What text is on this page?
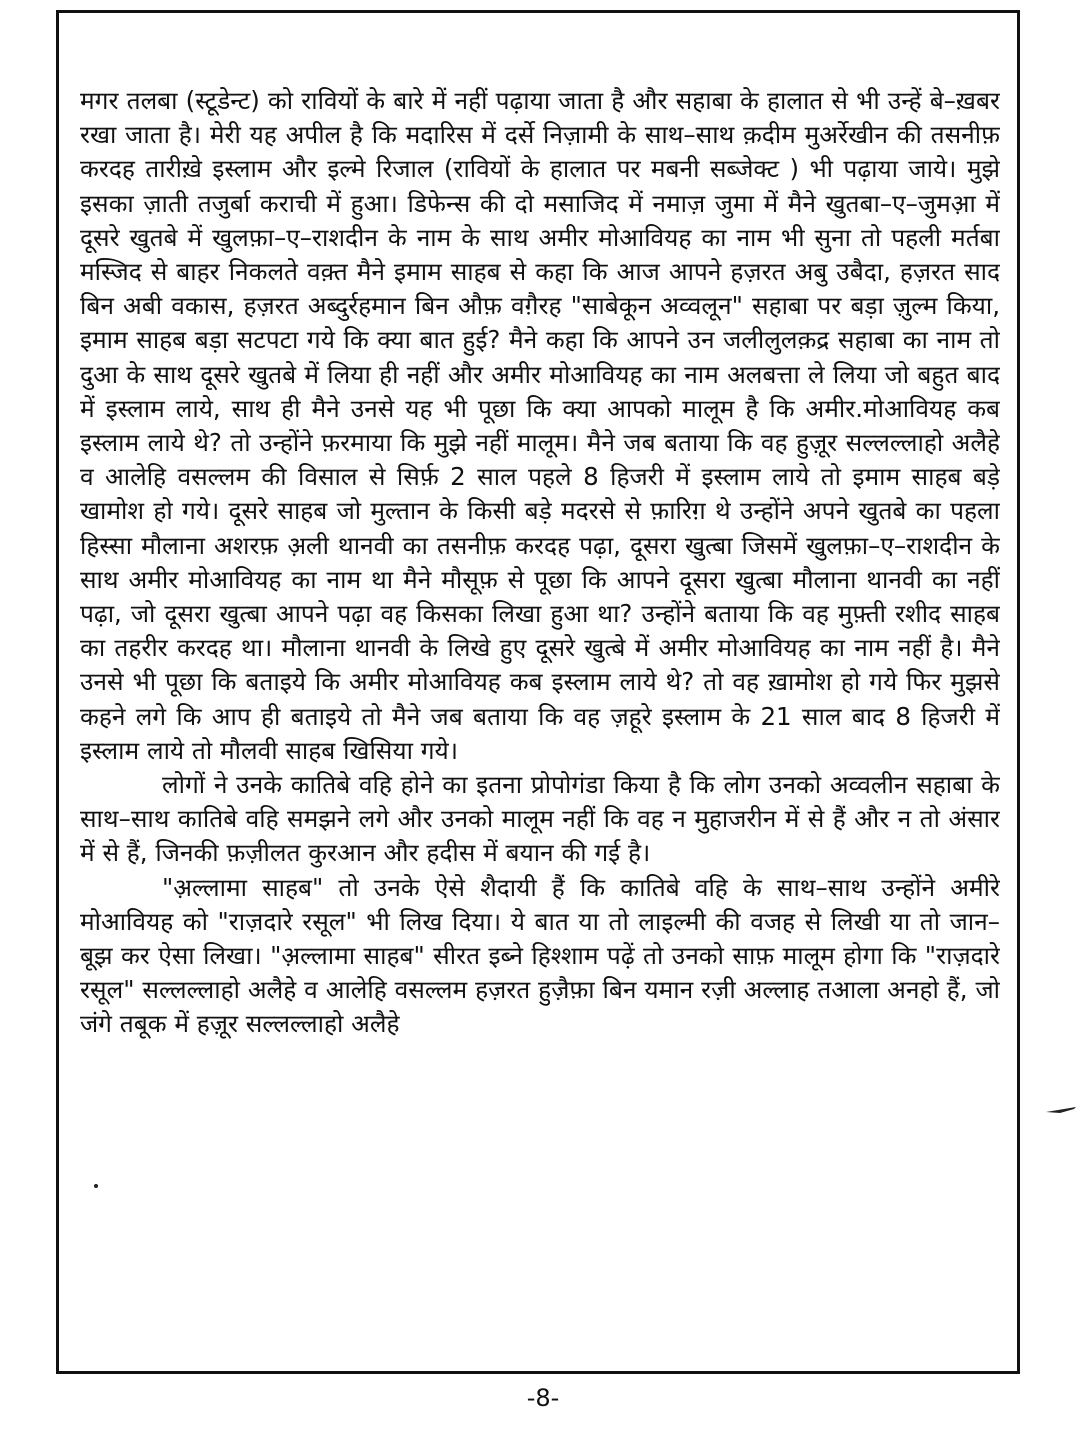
मगर तलबा (स्टूडेन्ट) को रावियों के बारे में नहीं पढ़ाया जाता है और सहाबा के हालात से भी उन्हें बे–ख़बर रखा जाता है। मेरी यह अपील है कि मदारिस में दर्से निज़ामी के साथ–साथ क़दीम मुअर्रेखीन की तसनीफ़ करदह तारीखे़ इस्लाम और इल्मे रिजाल (रावियों के हालात पर मबनी सब्जेक्ट ) भी पढ़ाया जाये। मुझे इसका ज़ाती तजुर्बा कराची में हुआ। डिफेन्स की दो मसाजिद में नमाज़ जुमा में मैने खुतबा–ए–जुमआ़ में दूसरे खुतबे में खुलफ़ा–ए–राशदीन के नाम के साथ अमीर मोआवियह का नाम भी सुना तो पहली मर्तबा मस्जिद से बाहर निकलते वक़्त मैने इमाम साहब से कहा कि आज आपने हज़रत अबु उबैदा, हज़रत साद बिन अबी वकास, हज़रत अब्दुर्रहमान बिन औफ़ वग़ैरह "साबेकून अव्वलून" सहाबा पर बड़ा ज़ुल्म किया, इमाम साहब बड़ा सटपटा गये कि क्या बात हुई? मैने कहा कि आपने उन जलीलुलक़द्र सहाबा का नाम तो दुआ के साथ दूसरे खुतबे में लिया ही नहीं और अमीर मोआवियह का नाम अलबत्ता ले लिया जो बहुत बाद में इस्लाम लाये, साथ ही मैने उनसे यह भी पूछा कि क्या आपको मालूम है कि अमीर.मोआवियह कब इस्लाम लाये थे? तो उन्होंने फ़रमाया कि मुझे नहीं मालूम। मैने जब बताया कि वह हुज़ूर सल्लल्लाहो अलैहे व आलेहि वसल्लम की विसाल से सिर्फ़ 2 साल पहले 8 हिजरी में इस्लाम लाये तो इमाम साहब बड़े खामोश हो गये। दूसरे साहब जो मुल्तान के किसी बड़े मदरसे से फ़ारिग़ थे उन्होंने अपने खुतबे का पहला हिस्सा मौलाना अशरफ़ अ़ली थानवी का तसनीफ़ करदह पढ़ा, दूसरा खुत्बा जिसमें खुलफ़ा–ए–राशदीन के साथ अमीर मोआवियह का नाम था मैने मौसूफ़ से पूछा कि आपने दूसरा खुत्बा मौलाना थानवी का नहीं पढ़ा, जो दूसरा खुत्बा आपने पढ़ा वह किसका लिखा हुआ था? उन्होंने बताया कि वह मुफ़्ती रशीद साहब का तहरीर करदह था। मौलाना थानवी के लिखे हुए दूसरे खुत्बे में अमीर मोआवियह का नाम नहीं है। मैने उनसे भी पूछा कि बताइये कि अमीर मोआवियह कब इस्लाम लाये थे? तो वह ख़ामोश हो गये फिर मुझसे कहने लगे कि आप ही बताइये तो मैने जब बताया कि वह ज़हूरे इस्लाम के 21 साल बाद 8 हिजरी में इस्लाम लाये तो मौलवी साहब खिसिया गये।

लोगों ने उनके कातिबे वहि होने का इतना प्रोपोगंडा किया है कि लोग उनको अव्वलीन सहाबा के साथ–साथ कातिबे वहि समझने लगे और उनको मालूम नहीं कि वह न मुहाजरीन में से हैं और न तो अंसार में से हैं, जिनकी फ़ज़ीलत कुरआन और हदीस में बयान की गई है।

"अ़ल्लामा साहब" तो उनके ऐसे शैदायी हैं कि कातिबे वहि के साथ–साथ उन्होंने अमीरे मोआवियह को "राज़दारे रसूल" भी लिख दिया। ये बात या तो लाइल्मी की वजह से लिखी या तो जान–बूझ कर ऐसा लिखा। "अ़ल्लामा साहब" सीरत इब्ने हिश्शाम पढ़ें तो उनको साफ़ मालूम होगा कि "राज़दारे रसूल" सल्लल्लाहो अलैहे व आलेहि वसल्लम हज़रत हुज़ैफ़ा बिन यमान रज़ी अल्लाह तआला अनहो हैं, जो जंगे तबूक में हज़ूर सल्लल्लाहो अलैहे

-8-
